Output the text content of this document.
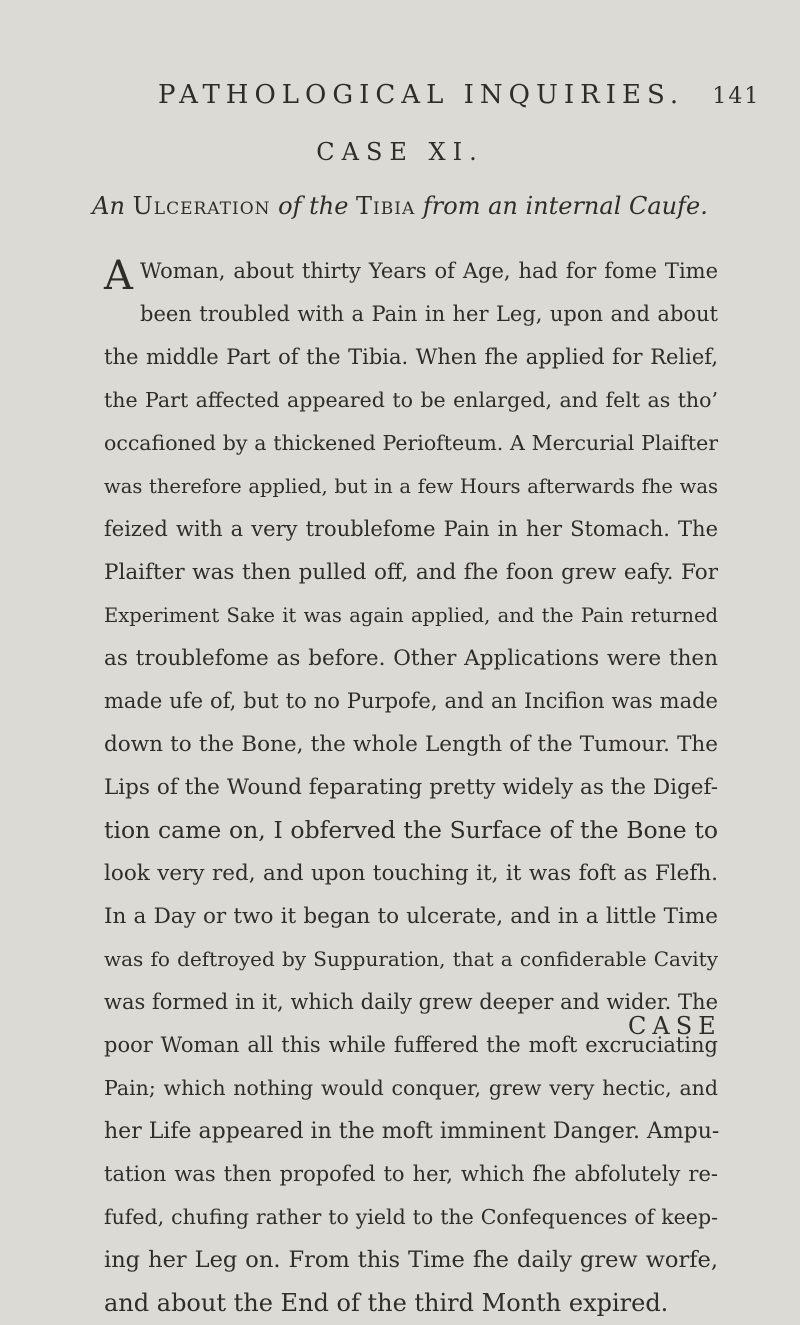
PATHOLOGICAL INQUIRIES. 141
CASE XI.
An Ulceration of the Tibia from an internal Caufe.
A Woman, about thirty Years of Age, had for fome Time
been troubled with a Pain in her Leg, upon and about
the middle Part of the Tibia. When fhe applied for Relief,
the Part affected appeared to be enlarged, and felt as tho’
occafioned by a thickened Periofteum. A Mercurial Plaifter
was therefore applied, but in a few Hours afterwards fhe was
feized with a very troublefome Pain in her Stomach. The
Plaifter was then pulled off, and fhe foon grew eafy. For
Experiment Sake it was again applied, and the Pain returned
as troublefome as before. Other Applications were then
made ufe of, but to no Purpofe, and an Incifion was made
down to the Bone, the whole Length of the Tumour. The
Lips of the Wound feparating pretty widely as the Digef-
tion came on, I obferved the Surface of the Bone to
look very red, and upon touching it, it was foft as Flefh.
In a Day or two it began to ulcerate, and in a little Time
was fo deftroyed by Suppuration, that a confiderable Cavity
was formed in it, which daily grew deeper and wider. The
poor Woman all this while fuffered the moft excruciating
Pain; which nothing would conquer, grew very hectic, and
her Life appeared in the moft imminent Danger. Ampu-
tation was then propofed to her, which fhe abfolutely re-
fufed, chufing rather to yield to the Confequences of keep-
ing her Leg on. From this Time fhe daily grew worfe,
and about the End of the third Month expired.
CASE
